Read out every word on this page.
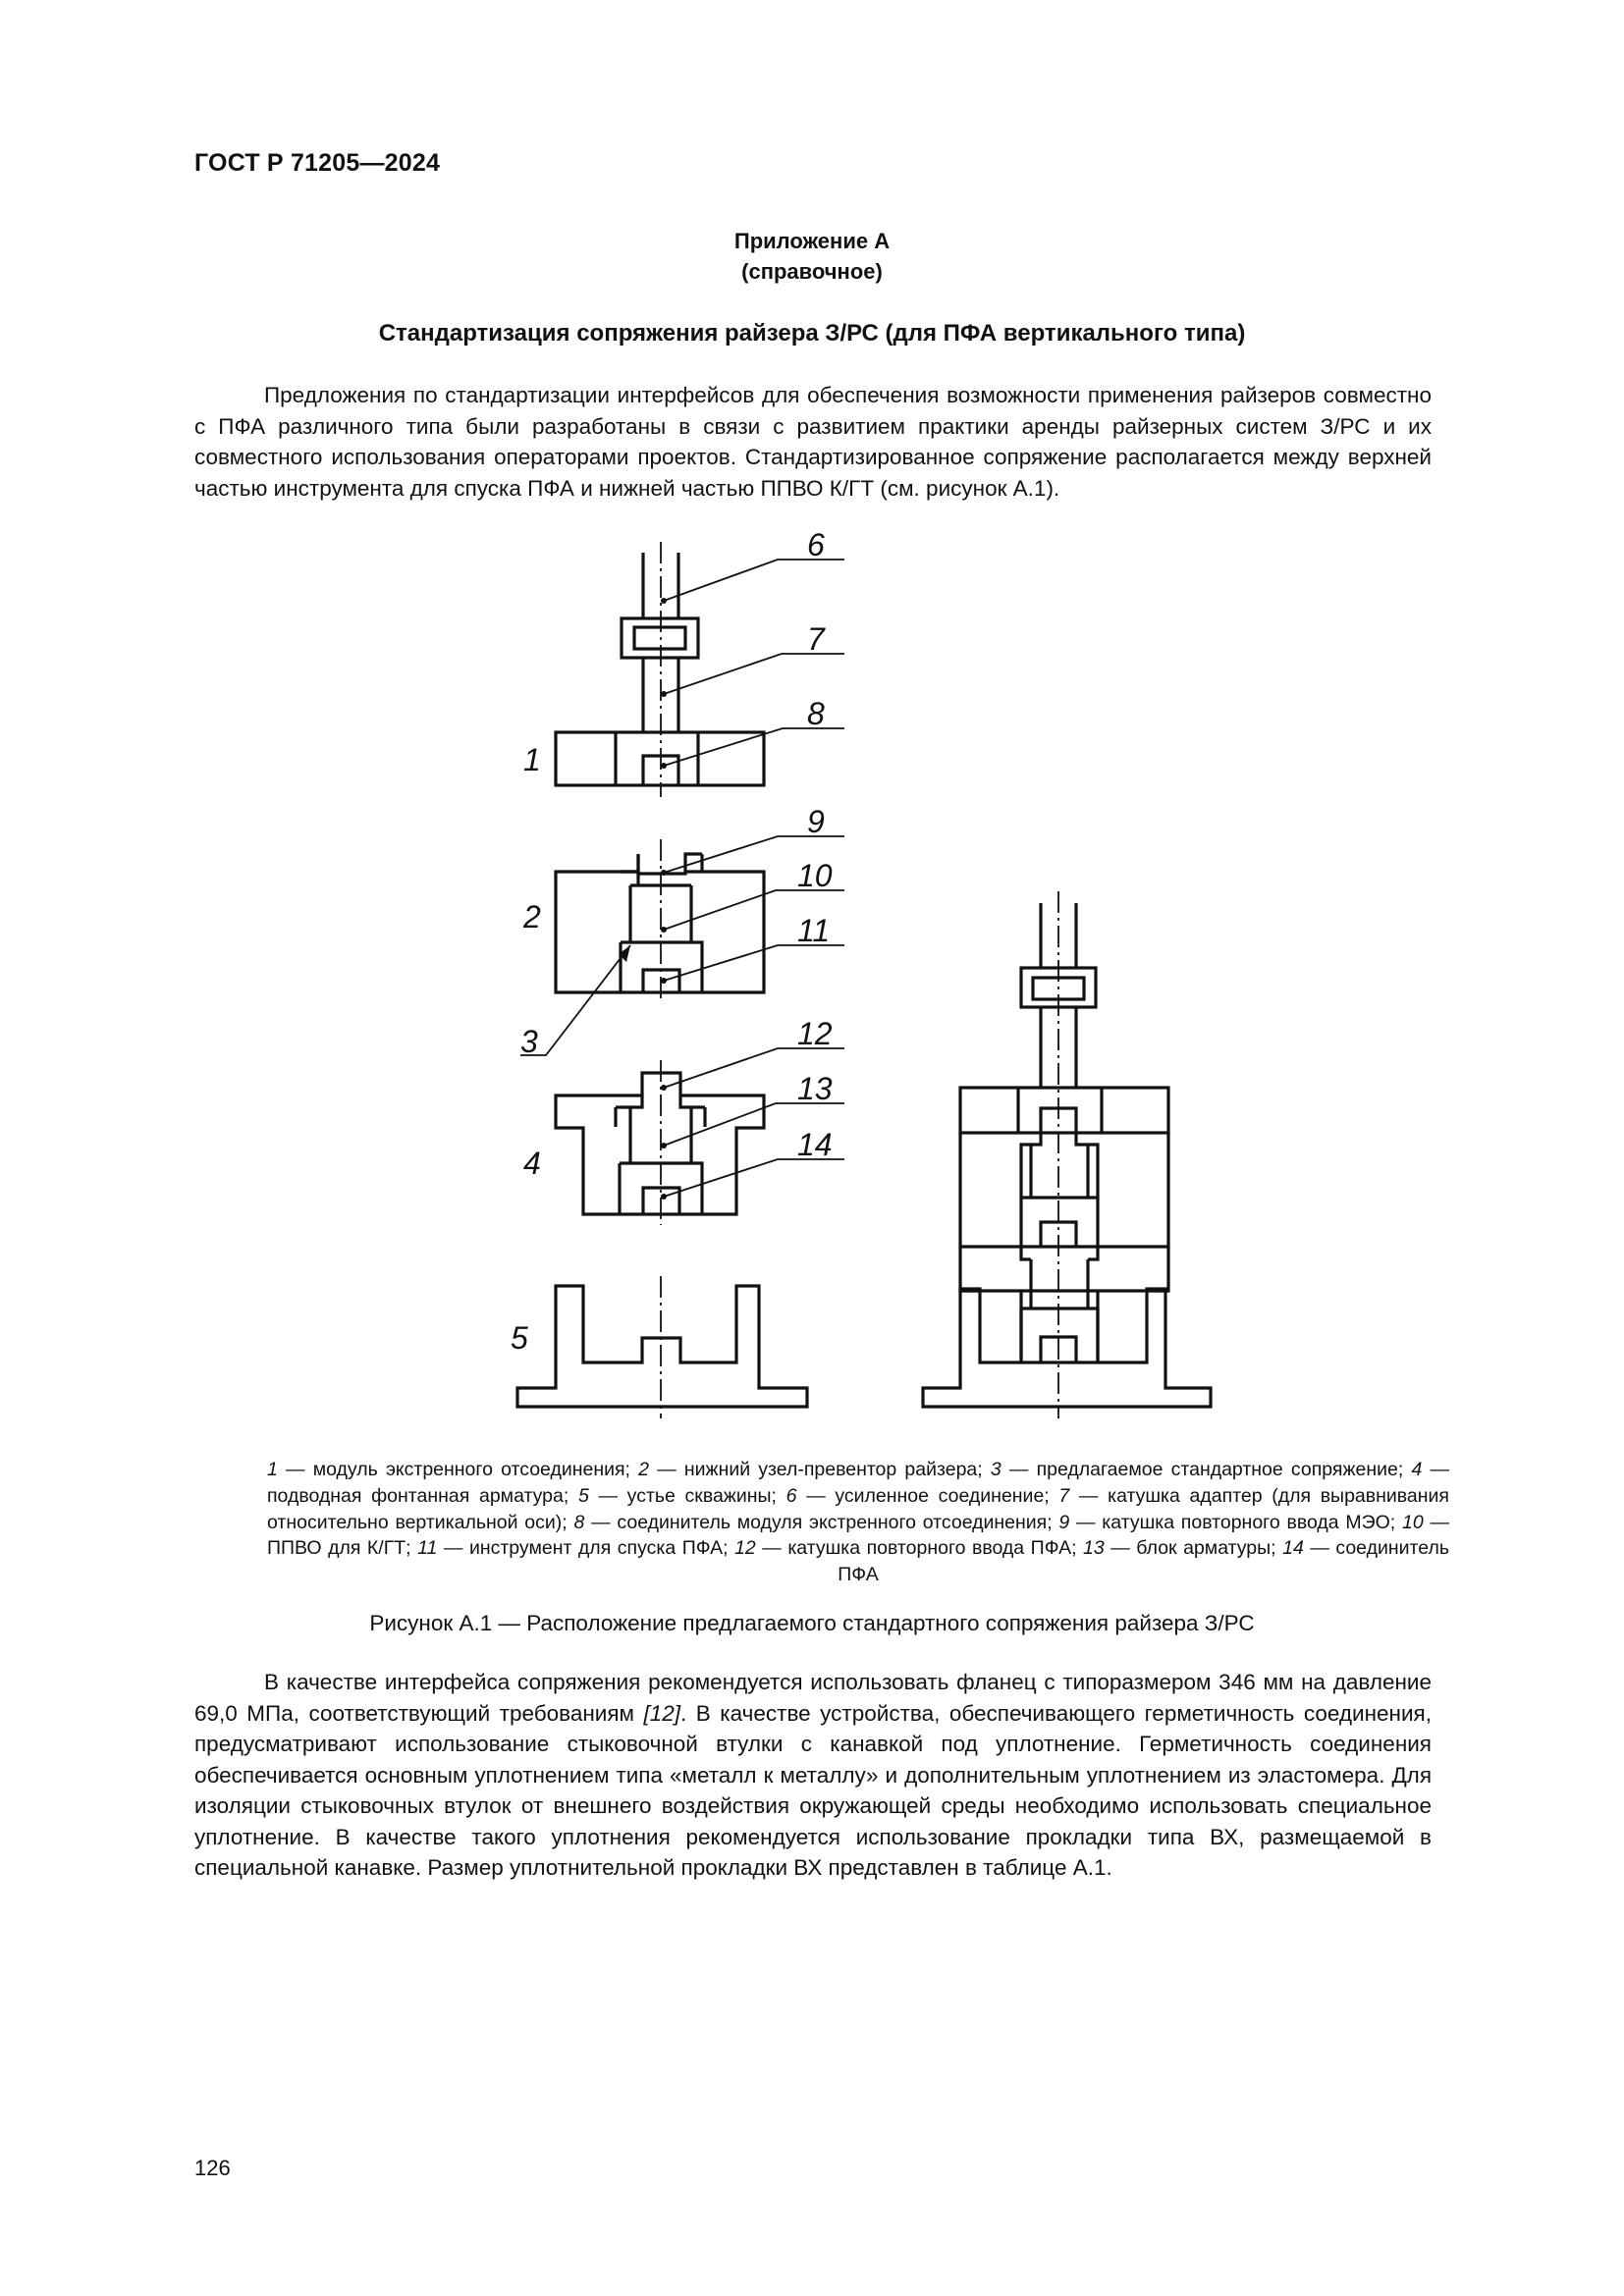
ГОСТ Р 71205—2024
Приложение А
(справочное)
Стандартизация сопряжения райзера З/РС (для ПФА вертикального типа)

Предложения по стандартизации интерфейсов для обеспечения возможности применения райзеров совместно с ПФА различного типа были разработаны в связи с развитием практики аренды райзерных систем З/РС и их совместного использования операторами проектов. Стандартизированное сопряжение располагается между верхней частью инструмента для спуска ПФА и нижней частью ППВО К/ГТ (см. рисунок А.1).

1
2
3
4
5
6
7
8
9
10
11
12
13
14

1 — модуль экстренного отсоединения; 2 — нижний узел-превентор райзера; 3 — предлагаемое стандартное сопряжение; 4 — подводная фонтанная арматура; 5 — устье скважины; 6 — усиленное соединение; 7 — катушка адаптер (для выравнивания относительно вертикальной оси); 8 — соединитель модуля экстренного отсоединения; 9 — катушка повторного ввода МЭО; 10 — ППВО для К/ГТ; 11 — инструмент для спуска ПФА; 12 — катушка повторного ввода ПФА; 13 — блок арматуры; 14 — соединитель ПФА

Рисунок А.1 — Расположение предлагаемого стандартного сопряжения райзера З/РС

В качестве интерфейса сопряжения рекомендуется использовать фланец с типоразмером 346 мм на давление 69,0 МПа, соответствующий требованиям [12]. В качестве устройства, обеспечивающего герметичность соединения, предусматривают использование стыковочной втулки с канавкой под уплотнение. Герметичность соединения обеспечивается основным уплотнением типа «металл к металлу» и дополнительным уплотнением из эластомера. Для изоляции стыковочных втулок от внешнего воздействия окружающей среды необходимо использовать специальное уплотнение. В качестве такого уплотнения рекомендуется использование прокладки типа ВХ, размещаемой в специальной канавке. Размер уплотнительной прокладки ВХ представлен в таблице А.1.

126
